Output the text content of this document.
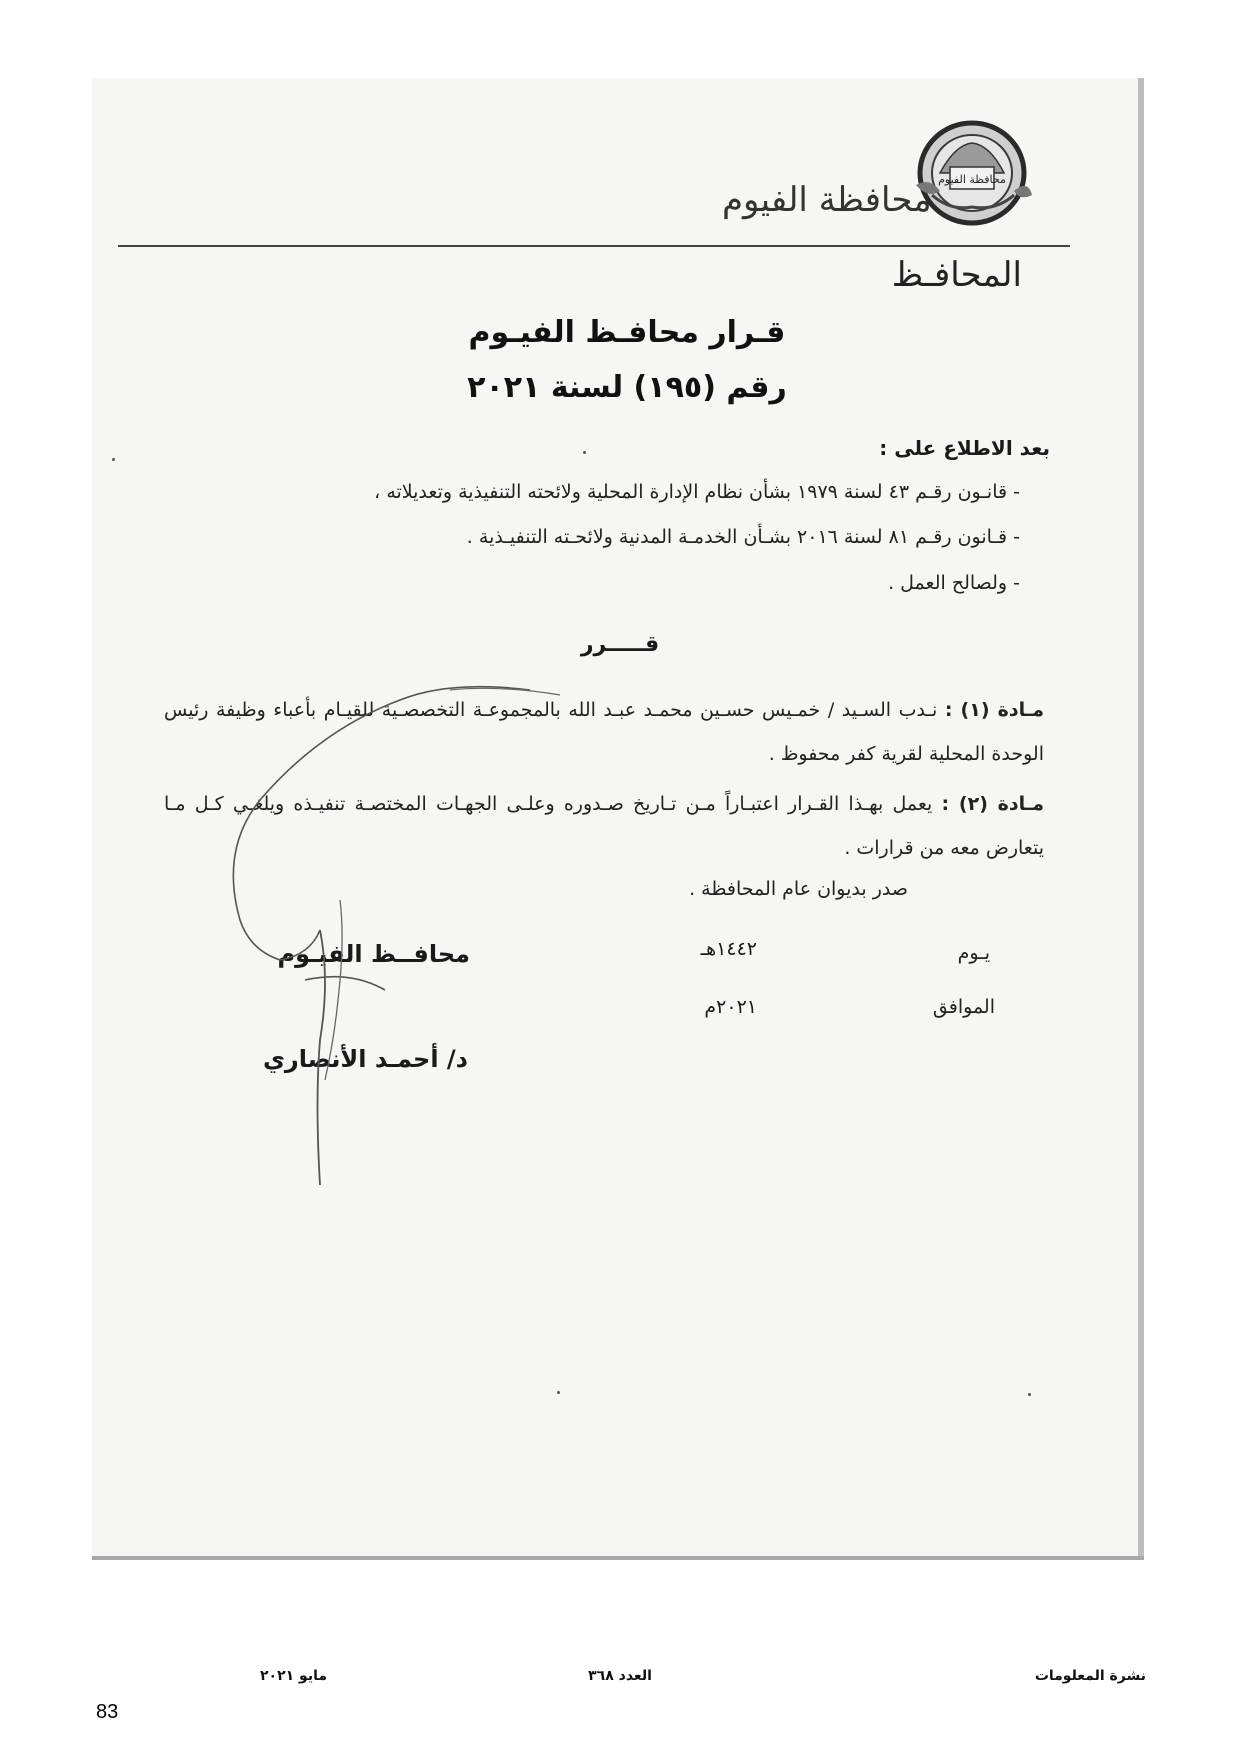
محافظة الفيوم
محافظة الفيوم
المحافـظ
قـرار محافـظ الفيـوم
رقم (١٩٥) لسنة ٢٠٢١
بعد الاطلاع على :
- قانـون رقـم ٤٣ لسنة ١٩٧٩ بشأن نظام الإدارة المحلية ولائحته التنفيذية وتعديلاته ،
- قـانون رقـم ٨١ لسنة ٢٠١٦ بشـأن الخدمـة المدنية ولائحـته التنفيـذية .
- ولصالح العمل .
قـــــرر
مـادة (١) : نـدب السـيد / خمـيس حسـين محمـد عبـد الله بالمجموعـة التخصصـية للقيـام بأعباء وظيفة رئيس الوحدة المحلية لقرية كفر محفوظ .
مـادة (٢) : يعمل بهـذا القـرار اعتبـاراً مـن تـاريخ صـدوره وعلـى الجهـات المختصـة تنفيـذه ويلغـي كـل مـا يتعارض معه من قرارات .
صدر بديوان عام المحافظة .
يـوم
١٤٤٢هـ
الموافق
٢٠٢١م
محافــظ الفيـوم
د/ أحمـد الأنصاري
نشرة المعلومات
العدد ٣٦٨
مايو ٢٠٢١
83
